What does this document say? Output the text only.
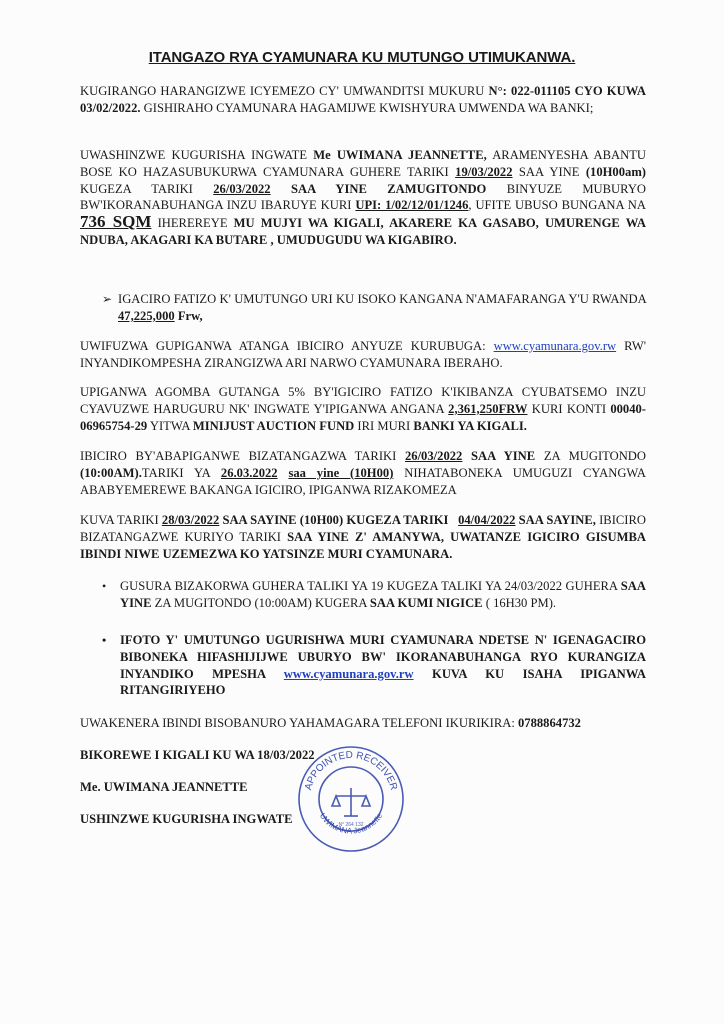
ITANGAZO RYA CYAMUNARA KU MUTUNGO UTIMUKANWA.
KUGIRANGO HARANGIZWE ICYEMEZO CY' UMWANDITSI MUKURU N°: 022-011105 CYO KUWA 03/02/2022. GISHIRAHO CYAMUNARA HAGAMIJWE KWISHYURA UMWENDA WA BANKI;
UWASHINZWE KUGURISHA INGWATE Me UWIMANA JEANNETTE, ARAMENYESHA ABANTU BOSE KO HAZASUBUKURWA CYAMUNARA GUHERE TARIKI 19/03/2022 SAA YINE (10H00am) KUGEZA TARIKI 26/03/2022 SAA YINE ZAMUGITONDO BINYUZE MUBURYO BW'IKORANABUHANGA INZU IBARUYE KURI UPI: 1/02/12/01/1246, UFITE UBUSO BUNGANA NA 736 SQM IHEREREYE MU MUJYI WA KIGALI, AKARERE KA GASABO, UMURENGE WA NDUBA, AKAGARI KA BUTARE , UMUDUGUDU WA KIGABIRO.
➢ IGACIRO FATIZO K' UMUTUNGO URI KU ISOKO KANGANA N'AMAFARANGA Y'U RWANDA 47,225,000 Frw,
UWIFUZWA GUPIGANWA ATANGA IBICIRO ANYUZE KURUBUGA: www.cyamunara.gov.rw RW' INYANDIKOMPESHA ZIRANGIZWA ARI NARWO CYAMUNARA IBERAHO.
UPIGANWA AGOMBA GUTANGA 5% BY'IGICIRO FATIZO K'IKIBANZA CYUBATSEMO INZU CYAVUZWE HARUGURU NK' INGWATE Y'IPIGANWA ANGANA 2,361,250FRW KURI KONTI 00040-06965754-29 YITWA MINIJUST AUCTION FUND IRI MURI BANKI YA KIGALI.
IBICIRO BY'ABAPIGANWE BIZATANGAZWA TARIKI 26/03/2022 SAA YINE ZA MUGITONDO (10:00AM).TARIKI YA 26.03.2022 saa yine (10H00) NIHATABONEKA UMUGUZI CYANGWA ABABYEMEREWE BAKANGA IGICIRO, IPIGANWA RIZAKOMEZA
KUVA TARIKI 28/03/2022 SAA SAYINE (10H00) KUGEZA TARIKI 04/04/2022 SAA SAYINE, IBICIRO BIZATANGAZWE KURIYO TARIKI SAA YINE Z' AMANYWA, UWATANZE IGICIRO GISUMBA IBINDI NIWE UZEMEZWA KO YATSINZE MURI CYAMUNARA.
• GUSURA BIZAKORWA GUHERA TALIKI YA 19 KUGEZA TALIKI YA 24/03/2022 GUHERA SAA YINE ZA MUGITONDO (10:00AM) KUGERA SAA KUMI NIGICE ( 16H30 PM).
• IFOTO Y' UMUTUNGO UGURISHWA MURI CYAMUNARA NDETSE N' IGENAGACIRO BIBONEKA HIFASHIJIJWE UBURYO BW' IKORANABUHANGA RYO KURANGIZA INYANDIKO MPESHA www.cyamunara.gov.rw KUVA KU ISAHA IPIGANWA RITANGIRIYEHO
UWAKENERA IBINDI BISOBANURO YAHAMAGARA TELEFONI IKURIKIRA: 0788864732
BIKOREWE I KIGALI KU WA 18/03/2022
Me. UWIMANA JEANNETTE
USHINZWE KUGURISHA INGWATE
APPOINTED RECEIVER
UWIMANA Jeannette
N° 264 132
